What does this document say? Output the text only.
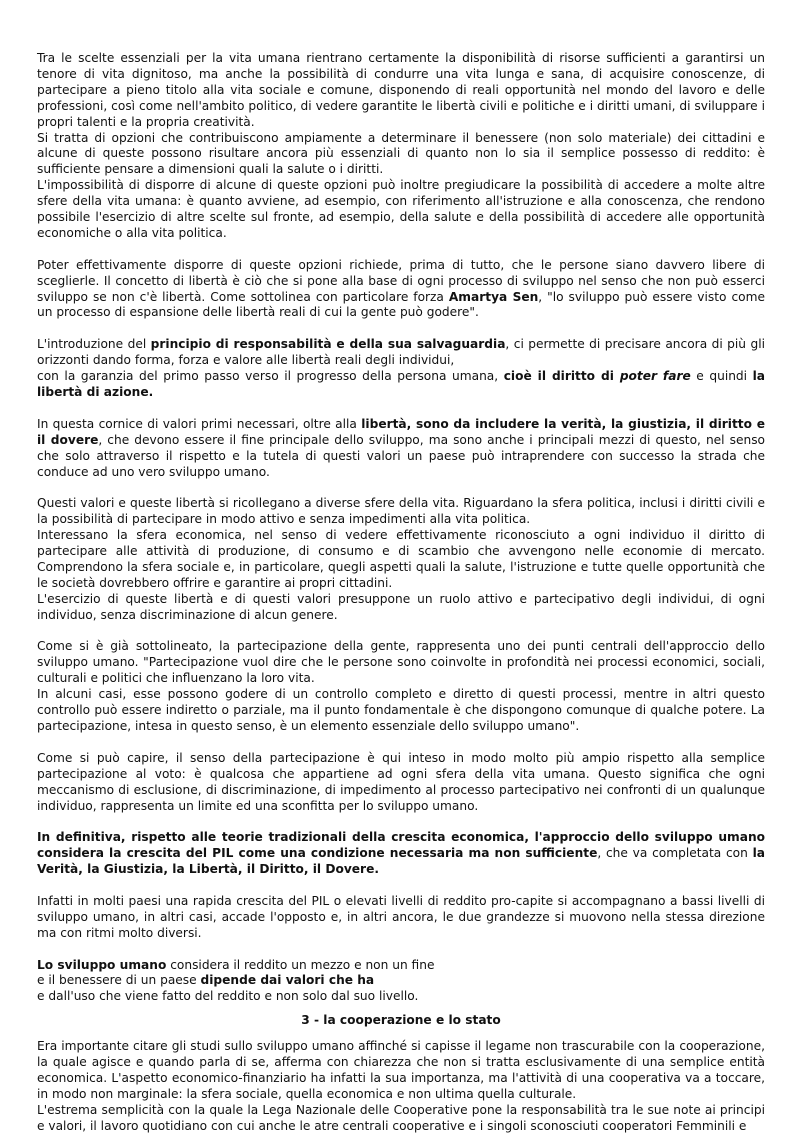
Tra le scelte essenziali per la vita umana rientrano certamente la disponibilità di risorse sufficienti a garantirsi un tenore di vita dignitoso, ma anche la possibilità di condurre una vita lunga e sana, di acquisire conoscenze, di partecipare a pieno titolo alla vita sociale e comune, disponendo di reali opportunità nel mondo del lavoro e delle professioni, così come nell'ambito politico, di vedere garantite le libertà civili e politiche e i diritti umani, di sviluppare i propri talenti e la propria creatività.

Si tratta di opzioni che contribuiscono ampiamente a determinare il benessere (non solo materiale) dei cittadini e alcune di queste possono risultare ancora più essenziali di quanto non lo sia il semplice possesso di reddito: è sufficiente pensare a dimensioni quali la salute o i diritti.

L'impossibilità di disporre di alcune di queste opzioni può inoltre pregiudicare la possibilità di accedere a molte altre sfere della vita umana: è quanto avviene, ad esempio, con riferimento all'istruzione e alla conoscenza, che rendono possibile l'esercizio di altre scelte sul fronte, ad esempio, della salute e della possibilità di accedere alle opportunità economiche o alla vita politica.

Poter effettivamente disporre di queste opzioni richiede, prima di tutto, che le persone siano davvero libere di sceglierle. Il concetto di libertà è ciò che si pone alla base di ogni processo di sviluppo nel senso che non può esserci sviluppo se non c'è libertà. Come sottolinea con particolare forza Amartya Sen, "lo sviluppo può essere visto come un processo di espansione delle libertà reali di cui la gente può godere".

L'introduzione del principio di responsabilità e della sua salvaguardia, ci permette di precisare ancora di più gli orizzonti dando forma, forza e valore alle libertà reali degli individui,
con la garanzia del primo passo verso il progresso della persona umana, cioè il diritto di poter fare e quindi la libertà di azione.

In questa cornice di valori primi necessari, oltre alla libertà, sono da includere la verità, la giustizia, il diritto e il dovere, che devono essere il fine principale dello sviluppo, ma sono anche i principali mezzi di questo, nel senso che solo attraverso il rispetto e la tutela di questi valori un paese può intraprendere con successo la strada che conduce ad uno vero sviluppo umano.

Questi valori e queste libertà si ricollegano a diverse sfere della vita. Riguardano la sfera politica, inclusi i diritti civili e la possibilità di partecipare in modo attivo e senza impedimenti alla vita politica.

Interessano la sfera economica, nel senso di vedere effettivamente riconosciuto a ogni individuo il diritto di partecipare alle attività di produzione, di consumo e di scambio che avvengono nelle economie di mercato. Comprendono la sfera sociale e, in particolare, quegli aspetti quali la salute, l'istruzione e tutte quelle opportunità che le società dovrebbero offrire e garantire ai propri cittadini.

L'esercizio di queste libertà e di questi valori presuppone un ruolo attivo e partecipativo degli individui, di ogni individuo, senza discriminazione di alcun genere.

Come si è già sottolineato, la partecipazione della gente, rappresenta uno dei punti centrali dell'approccio dello sviluppo umano. "Partecipazione vuol dire che le persone sono coinvolte in profondità nei processi economici, sociali, culturali e politici che influenzano la loro vita.

In alcuni casi, esse possono godere di un controllo completo e diretto di questi processi, mentre in altri questo controllo può essere indiretto o parziale, ma il punto fondamentale è che dispongono comunque di qualche potere. La partecipazione, intesa in questo senso, è un elemento essenziale dello sviluppo umano".

Come si può capire, il senso della partecipazione è qui inteso in modo molto più ampio rispetto alla semplice partecipazione al voto: è qualcosa che appartiene ad ogni sfera della vita umana. Questo significa che ogni meccanismo di esclusione, di discriminazione, di impedimento al processo partecipativo nei confronti di un qualunque individuo, rappresenta un limite ed una sconfitta per lo sviluppo umano.

In definitiva, rispetto alle teorie tradizionali della crescita economica, l'approccio dello sviluppo umano considera la crescita del PIL come una condizione necessaria ma non sufficiente, che va completata con la Verità, la Giustizia, la Libertà, il Diritto, il Dovere.

Infatti in molti paesi una rapida crescita del PIL o elevati livelli di reddito pro-capite si accompagnano a bassi livelli di sviluppo umano, in altri casi, accade l'opposto e, in altri ancora, le due grandezze si muovono nella stessa direzione ma con ritmi molto diversi.

Lo sviluppo umano considera il reddito un mezzo e non un fine
e il benessere di un paese dipende dai valori che ha
e dall'uso che viene fatto del reddito e non solo dal suo livello.

3 - la cooperazione e lo stato

Era importante citare gli studi sullo sviluppo umano affinché si capisse il legame non trascurabile con la cooperazione, la quale agisce e quando parla di se, afferma con chiarezza che non si tratta esclusivamente di una semplice entità economica. L'aspetto economico-finanziario ha infatti la sua importanza, ma l'attività di una cooperativa va a toccare, in modo non marginale: la sfera sociale, quella economica e non ultima quella culturale.

L'estrema semplicità con la quale la Lega Nazionale delle Cooperative pone la responsabilità tra le sue note ai principi e valori, il lavoro quotidiano con cui anche le atre centrali cooperative e i singoli sconosciuti cooperatori Femminili e
